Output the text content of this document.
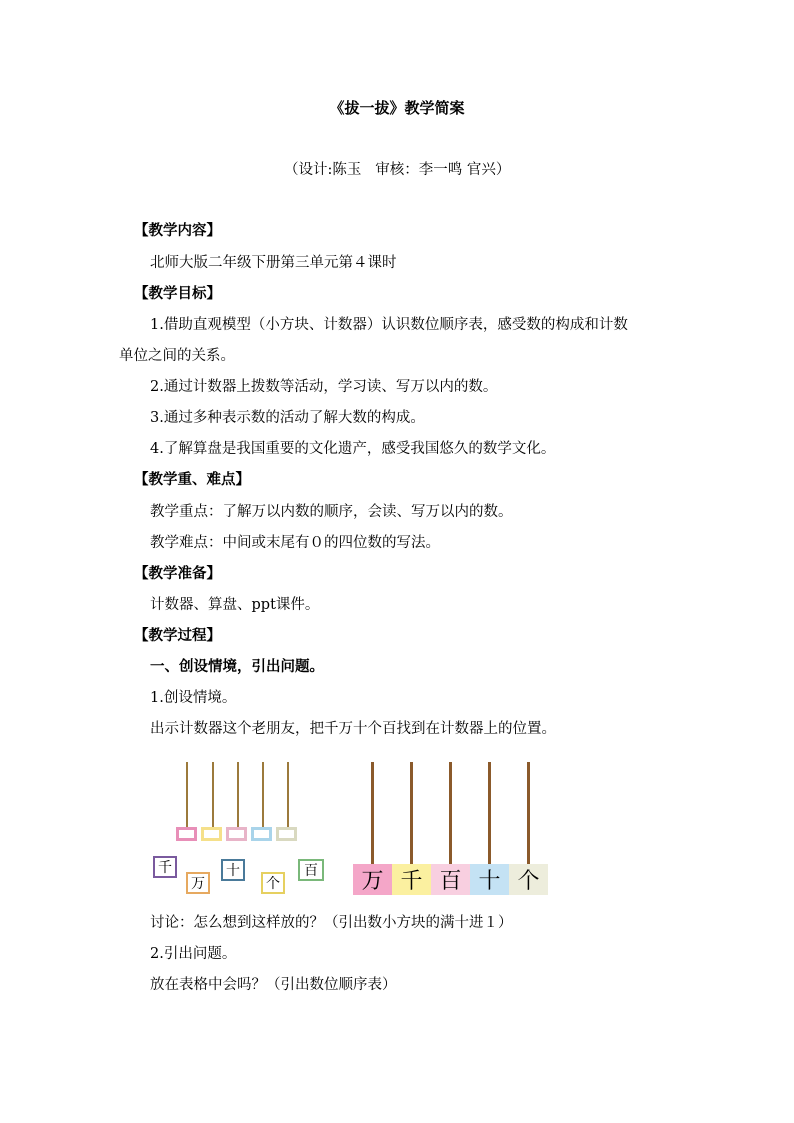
《拔一拔》教学简案
（设计:陈玉   审核：李一鸣 官兴）
【教学内容】
北师大版二年级下册第三单元第４课时
【教学目标】
1.借助直观模型（小方块、计数器）认识数位顺序表，感受数的构成和计数
单位之间的关系。
2.通过计数器上拨数等活动，学习读、写万以内的数。
3.通过多种表示数的活动了解大数的构成。
4.了解算盘是我国重要的文化遗产，感受我国悠久的数学文化。
【教学重、难点】
教学重点：了解万以内数的顺序，会读、写万以内的数。
教学难点：中间或末尾有０的四位数的写法。
【教学准备】
计数器、算盘、ppt课件。
【教学过程】
一、创设情境，引出问题。
1.创设情境。
出示计数器这个老朋友，把千万十个百找到在计数器上的位置。
千
万
十
个
百	万 千 百 十 个
讨论：怎么想到这样放的？（引出数小方块的满十进１）
2.引出问题。
放在表格中会吗？（引出数位顺序表）
